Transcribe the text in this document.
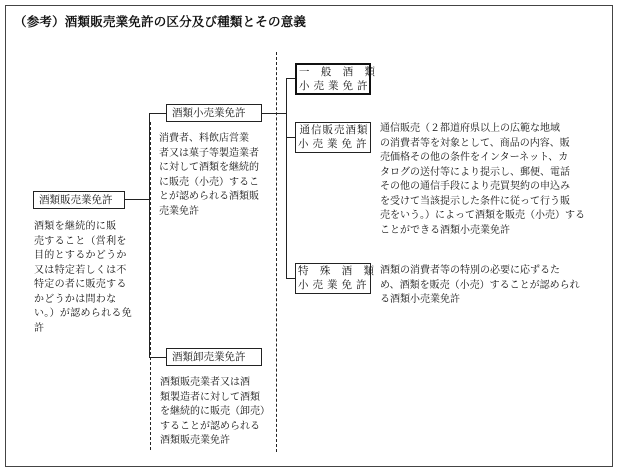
（参考）酒類販売業免許の区分及び種類とその意義
酒類販売業免許
酒類を継続的に販
売すること（営利を
目的とするかどうか
又は特定若しくは不
特定の者に販売する
かどうかは問わな
い。）が認められる免
許
酒類小売業免許
消費者、料飲店営業
者又は菓子等製造業者
に対して酒類を継続的
に販売（小売）するこ
とが認められる酒類販
売業免許
酒類卸売業免許
酒類販売業者又は酒
類製造者に対して酒類
を継続的に販売（卸売）
することが認められる
酒類販売業免許
一 般 酒 類
小売業免許
通信販売酒類
小売業免許
通信販売（２都道府県以上の広範な地域
の消費者等を対象として、商品の内容、販
売価格その他の条件をインターネット、カ
タログの送付等により提示し、郵便、電話
その他の通信手段により売買契約の申込み
を受けて当該提示した条件に従って行う販
売をいう。）によって酒類を販売（小売）する
ことができる酒類小売業免許
特 殊 酒 類
小売業免許
酒類の消費者等の特別の必要に応ずるた
め、酒類を販売（小売）することが認められ
る酒類小売業免許
